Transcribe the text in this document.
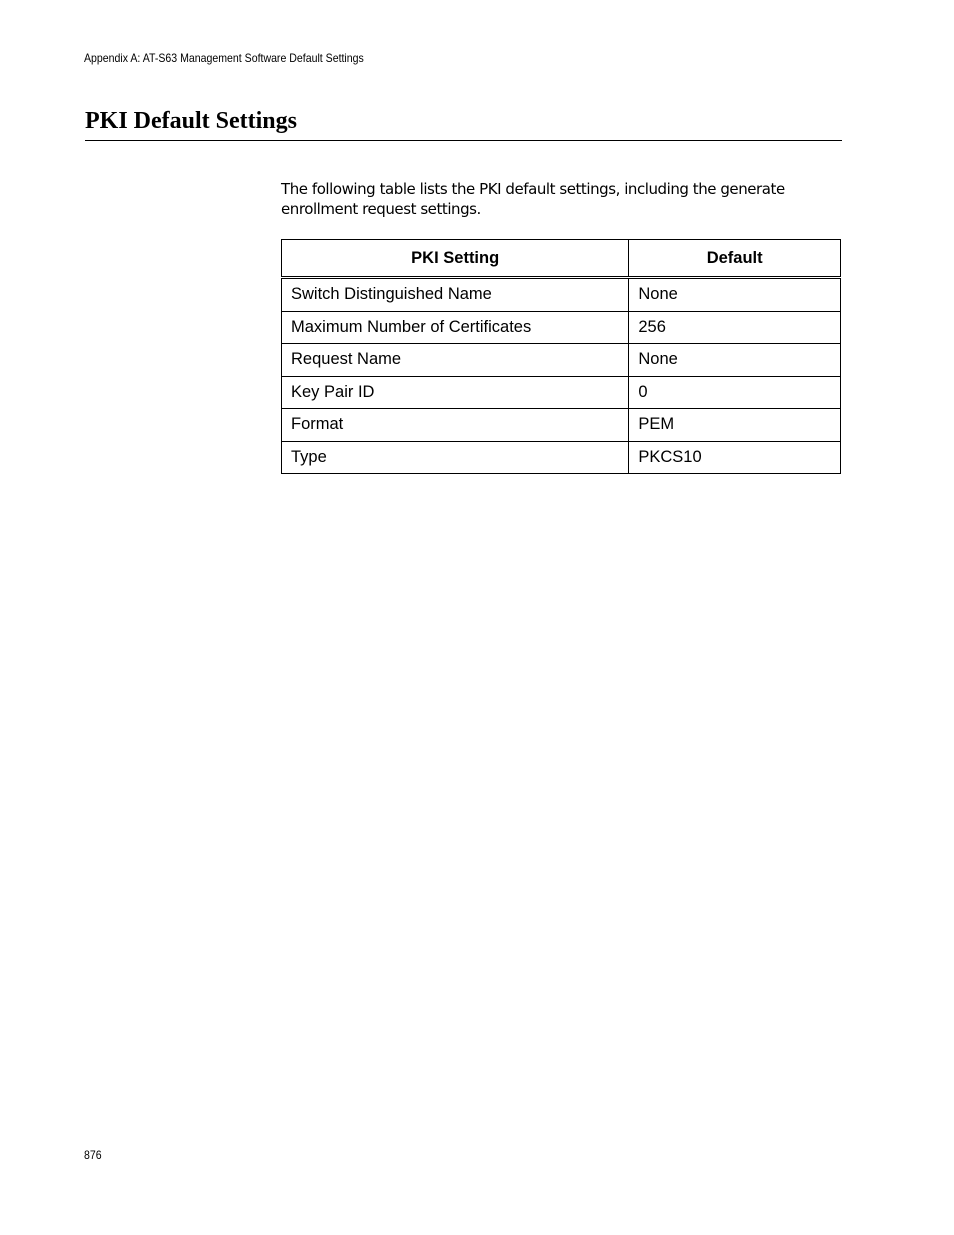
Appendix A: AT-S63 Management Software Default Settings
PKI Default Settings

The following table lists the PKI default settings, including the generate enrollment request settings.

PKI Setting	Default
Switch Distinguished Name	None
Maximum Number of Certificates	256
Request Name	None
Key Pair ID	0
Format	PEM
Type	PKCS10
876
